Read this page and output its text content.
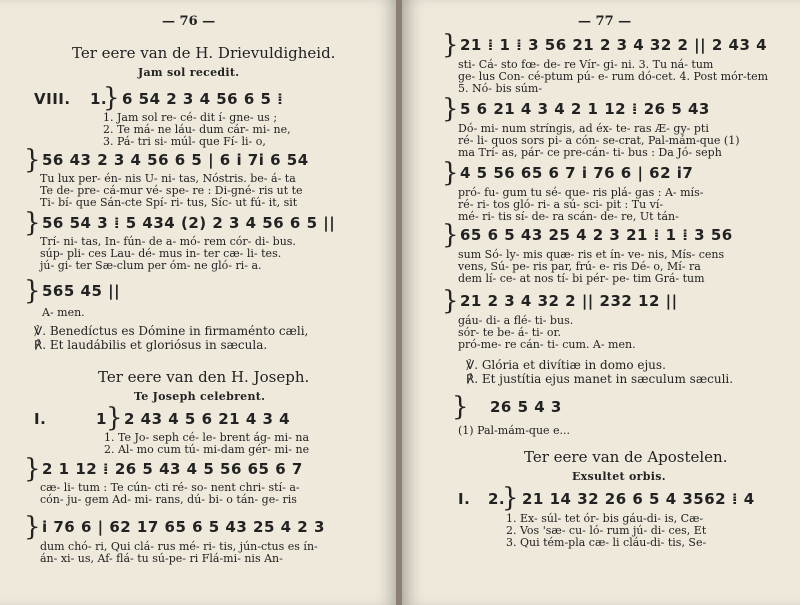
— 76 —
Ter eere van de H. Drievuldigheid.
Jam sol recedit.
VIII. 1.
} 6 54 2 3 4 56 6 5 ⁞
1. Jam sol re- cé- dit í- gne- us ;
2. Te má- ne láu- dum cár- mi- ne,
3. Pá- tri si- múl- que Fí- li- o,
} 56 43 2 3 4 56 6 5 | 6 i 7i 6 54
Tu lux per- én- nis U- ni- tas, Nóstris. be- á- ta
Te de- pre- cá-mur vé- spe- re : Di-gné- ris ut te
Ti- bí- que Sán-cte Spí- ri- tus, Síc- ut fú- it, sit
} 56 54 3 ⁞ 5 434 (2) 2 3 4 56 6 5 ||
Trí- ni- tas, In- fún- de a- mó- rem cór- di- bus.
súp- pli- ces Lau- dé- mus in- ter cæ- li- tes.
jú- gi- ter Sæ-clum per óm- ne gló- ri- a.
} 565 45 ||
A- men.
℣. Benedíctus es Dómine in firmaménto cæli,
℟. Et laudábilis et gloriósus in sæcula.
Ter eere van den H. Joseph.
Te Joseph celebrent.
I.	1 } 2 43 4 5 6 21 4 3 4
1. Te Jo- seph cé- le- brent ág- mi- na
2. Al- mo cum tú- mi-dam gér- mi- ne
} 2 1 12 ⁞ 26 5 43 4 5 56 65 6 7
cæ- li- tum : Te cún- cti ré- so- nent chri- stí- a-
cón- ju- gem Ad- mi- rans, dú- bi- o tán- ge- ris
} i 76 6 | 62 17 65 6 5 43 25 4 2 3
dum chó- ri, Qui clá- rus mé- ri- tis, jún-ctus es ín-
án- xi- us, Af- flá- tu sú-pe- ri Flá-mi- nis An-
— 77 —
} 21 ⁞ 1 ⁞ 3 56 21 2 3 4 32 2 || 2 43 4
sti- Cá- sto fœ- de- re Vír- gi- ni. 3. Tu ná- tum
ge- lus Con- cé-ptum pú- e- rum dó-cet. 4. Post mór-tem
5. Nó- bis súm-
} 5 6 21 4 3 4 2 1 12 ⁞ 26 5 43
Dó- mi- num stríngis, ad éx- te- ras Æ- gy- pti
ré- li- quos sors pi- a cón- se-crat, Pal-mám-que (1)
ma Trí- as, pár- ce pre-cán- ti- bus : Da Jó- seph
} 4 5 56 65 6 7 i 76 6 | 62 i7
pró- fu- gum tu sé- que- ris plá- gas : A- mís-
ré- ri- tos gló- ri- a sú- sci- pit : Tu ví-
mé- ri- tis sí- de- ra scán- de- re, Ut tán-
} 65 6 5 43 25 4 2 3 21 ⁞ 1 ⁞ 3 56
sum Só- ly- mis quæ- ris et ín- ve- nis, Mís- cens
vens, Sú- pe- ris par, frú- e- ris Dé- o, Mí- ra
dem lí- ce- at nos tí- bi pér- pe- tim Grá- tum
} 21 2 3 4 32 2 || 232 12 ||
gáu- di- a flé- ti- bus.
sór- te be- á- ti- or.
pró-me- re cán- ti- cum. A- men.
℣. Glória et divítiæ in domo ejus.
℟. Et justítia ejus manet in sæculum sæculi.
} 26 5 4 3
(1) Pal-mám-que e...
Ter eere van de Apostelen.
Exsultet orbis.
I. 2.
} 21 14 32 26 6 5 4 3562 ⁞ 4
1. Ex- súl- tet ór- bis gáu-di- is, Cæ-
2. Vos 'sæ- cu- ló- rum jú- di- ces, Et
3. Qui tém-pla cæ- li cláu-di- tis, Se-
